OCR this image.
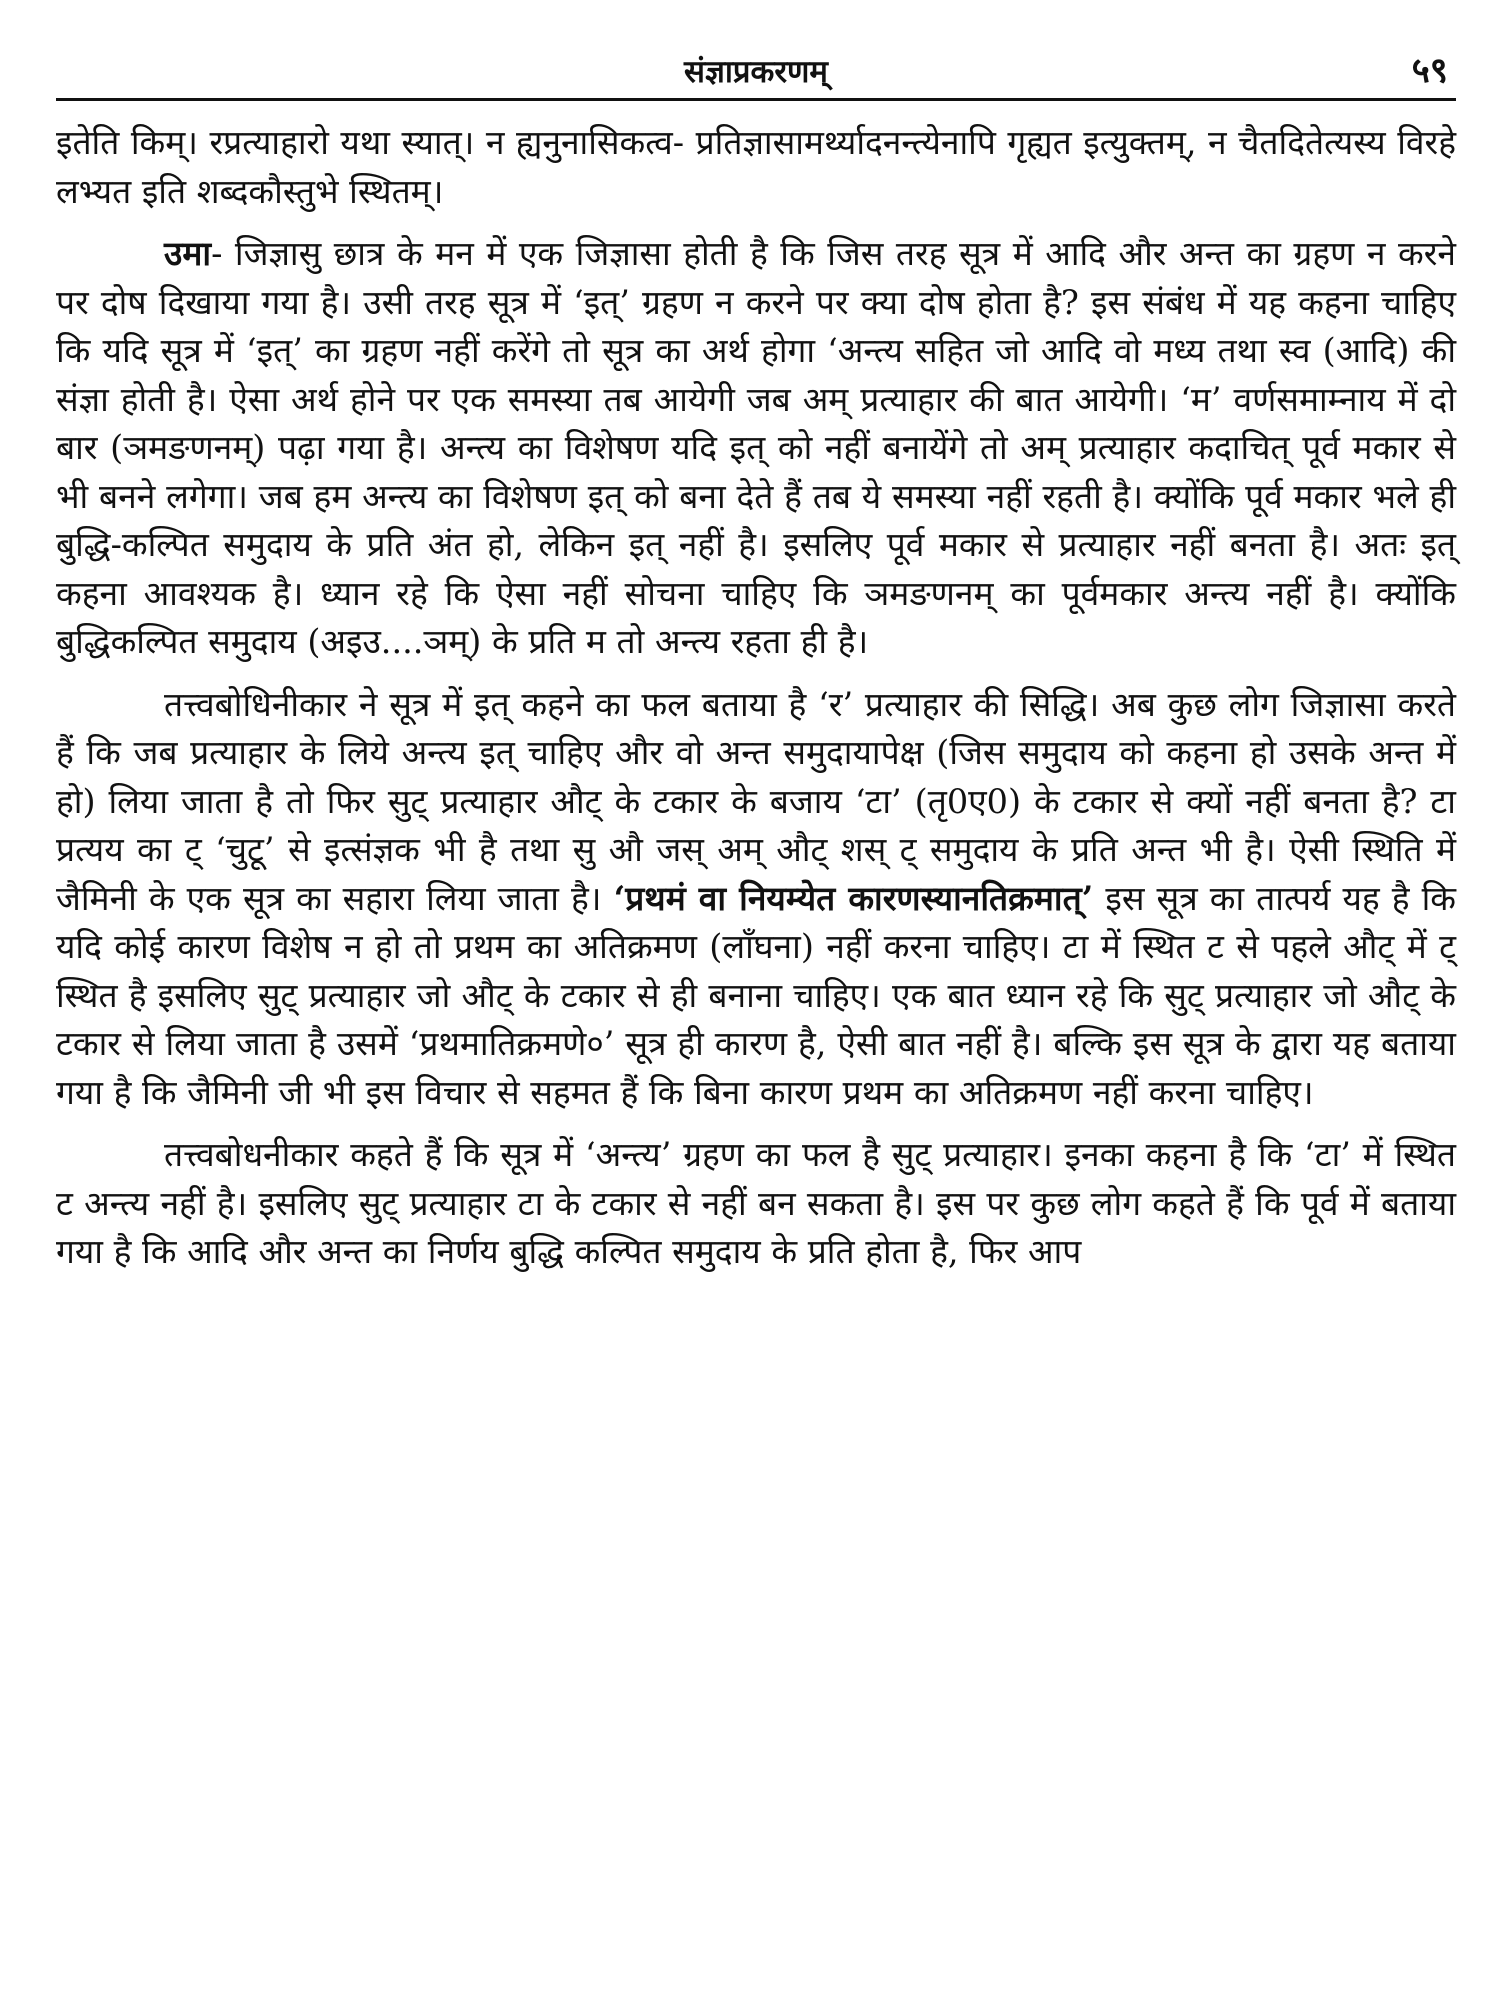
संज्ञाप्रकरणम्	५९

इतेति किम्। रप्रत्याहारो यथा स्यात्। न ह्यनुनासिकत्व- प्रतिज्ञासामर्थ्यादनन्त्येनापि गृह्यत इत्युक्तम्, न चैतदितेत्यस्य विरहे लभ्यत इति शब्दकौस्तुभे स्थितम्।

उमा- जिज्ञासु छात्र के मन में एक जिज्ञासा होती है कि जिस तरह सूत्र में आदि और अन्त का ग्रहण न करने पर दोष दिखाया गया है। उसी तरह सूत्र में ‘इत्’ ग्रहण न करने पर क्या दोष होता है? इस संबंध में यह कहना चाहिए कि यदि सूत्र में ‘इत्’ का ग्रहण नहीं करेंगे तो सूत्र का अर्थ होगा ‘अन्त्य सहित जो आदि वो मध्य तथा स्व (आदि) की संज्ञा होती है। ऐसा अर्थ होने पर एक समस्या तब आयेगी जब अम् प्रत्याहार की बात आयेगी। ‘म’ वर्णसमाम्नाय में दो बार (ञमङणनम्) पढ़ा गया है। अन्त्य का विशेषण यदि इत् को नहीं बनायेंगे तो अम् प्रत्याहार कदाचित् पूर्व मकार से भी बनने लगेगा। जब हम अन्त्य का विशेषण इत् को बना देते हैं तब ये समस्या नहीं रहती है। क्योंकि पूर्व मकार भले ही बुद्धि-कल्पित समुदाय के प्रति अंत हो, लेकिन इत् नहीं है। इसलिए पूर्व मकार से प्रत्याहार नहीं बनता है। अतः इत् कहना आवश्यक है। ध्यान रहे कि ऐसा नहीं सोचना चाहिए कि ञमङणनम् का पूर्वमकार अन्त्य नहीं है। क्योंकि बुद्धिकल्पित समुदाय (अइउ....ञम्) के प्रति म तो अन्त्य रहता ही है।

तत्त्वबोधिनीकार ने सूत्र में इत् कहने का फल बताया है ‘र’ प्रत्याहार की सिद्धि। अब कुछ लोग जिज्ञासा करते हैं कि जब प्रत्याहार के लिये अन्त्य इत् चाहिए और वो अन्त समुदायापेक्ष (जिस समुदाय को कहना हो उसके अन्त में हो) लिया जाता है तो फिर सुट् प्रत्याहार औट् के टकार के बजाय ‘टा’ (तृ0ए0) के टकार से क्यों नहीं बनता है? टा प्रत्यय का ट् ‘चुटू’ से इत्संज्ञक भी है तथा सु औ जस् अम् औट् शस् ट् समुदाय के प्रति अन्त भी है। ऐसी स्थिति में जैमिनी के एक सूत्र का सहारा लिया जाता है। ‘प्रथमं वा नियम्येत कारणस्यानतिक्रमात्’ इस सूत्र का तात्पर्य यह है कि यदि कोई कारण विशेष न हो तो प्रथम का अतिक्रमण (लाँघना) नहीं करना चाहिए। टा में स्थित ट से पहले औट् में ट् स्थित है इसलिए सुट् प्रत्याहार जो औट् के टकार से ही बनाना चाहिए। एक बात ध्यान रहे कि सुट् प्रत्याहार जो औट् के टकार से लिया जाता है उसमें ‘प्रथमातिक्रमणे०’ सूत्र ही कारण है, ऐसी बात नहीं है। बल्कि इस सूत्र के द्वारा यह बताया गया है कि जैमिनी जी भी इस विचार से सहमत हैं कि बिना कारण प्रथम का अतिक्रमण नहीं करना चाहिए।

तत्त्वबोधनीकार कहते हैं कि सूत्र में ‘अन्त्य’ ग्रहण का फल है सुट् प्रत्याहार। इनका कहना है कि ‘टा’ में स्थित ट अन्त्य नहीं है। इसलिए सुट् प्रत्याहार टा के टकार से नहीं बन सकता है। इस पर कुछ लोग कहते हैं कि पूर्व में बताया गया है कि आदि और अन्त का निर्णय बुद्धि कल्पित समुदाय के प्रति होता है, फिर आप
